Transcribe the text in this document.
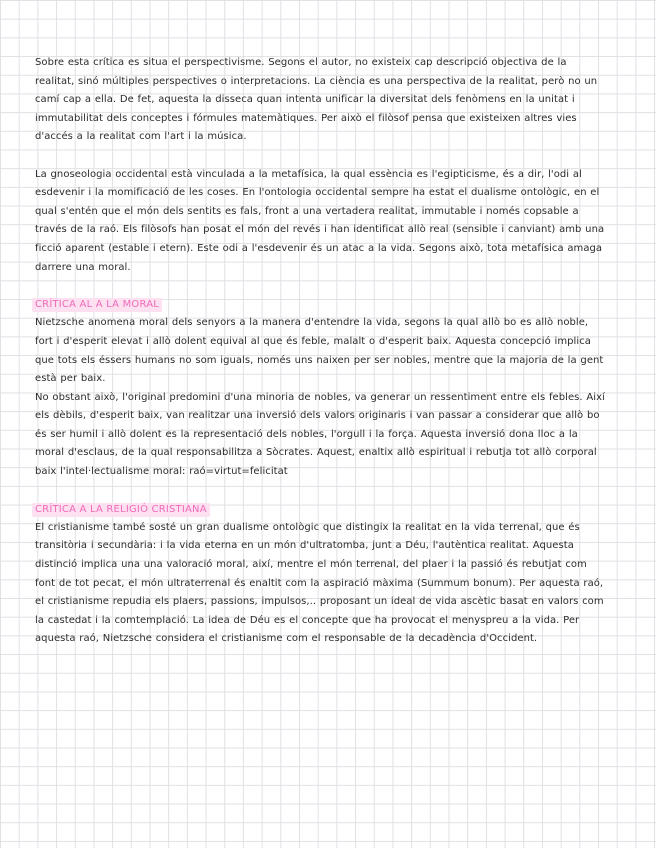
Sobre esta crítica es situa el perspectivisme. Segons el autor, no existeix cap descripció objectiva de la realitat, sinó múltiples perspectives o interpretacions. La ciència es una perspectiva de la realitat, però no un camí cap a ella. De fet, aquesta la disseca quan intenta unificar la diversitat dels fenòmens en la unitat i immutabilitat dels conceptes i fórmules matemàtiques. Per això el filòsof pensa que existeixen altres vies d'accés a la realitat com l'art i la música.

La gnoseologia occidental està vinculada a la metafísica, la qual essència es l'egipticisme, és a dir, l'odi al esdevenir i la momificació de les coses. En l'ontologia occidental sempre ha estat el dualisme ontològic, en el qual s'entén que el món dels sentits es fals, front a una vertadera realitat, immutable i només copsable a través de la raó. Els filòsofs han posat el món del revés i han identificat allò real (sensible i canviant) amb una ficció aparent (estable i etern). Este odi a l'esdevenir és un atac a la vida. Segons això, tota metafísica amaga darrere una moral.

CRÍTICA AL A LA MORAL

Nietzsche anomena moral dels senyors a la manera d'entendre la vida, segons la qual allò bo es allò noble, fort i d'esperit elevat i allò dolent equival al que és feble, malalt o d'esperit baix. Aquesta concepció implica que tots els éssers humans no som iguals, només uns naixen per ser nobles, mentre que la majoria de la gent està per baix.

No obstant això, l'original predomini d'una minoria de nobles, va generar un ressentiment entre els febles. Així els dèbils, d'esperit baix, van realitzar una inversió dels valors originaris i van passar a considerar que allò bo és ser humil i allò dolent es la representació dels nobles, l'orgull i la força. Aquesta inversió dona lloc a la moral d'esclaus, de la qual responsabilitza a Sòcrates. Aquest, enaltix allò espiritual i rebutja tot allò corporal baix l'intel·lectualisme moral: raó=virtut=felicitat

CRÍTICA A LA RELIGIÓ CRISTIANA

El cristianisme també sosté un gran dualisme ontològic que distingix la realitat en la vida terrenal, que és transitòria i secundària: i la vida eterna en un món d'ultratomba, junt a Déu, l'autèntica realitat. Aquesta distinció implica una una valoració moral, així, mentre el món terrenal, del plaer i la passió és rebutjat com font de tot pecat, el món ultraterrenal és enaltit com la aspiració màxima (Summum bonum). Per aquesta raó, el cristianisme repudia els plaers, passions, impulsos,.. proposant un ideal de vida ascètic basat en valors com la castedat i la comtemplació. La idea de Déu es el concepte que ha provocat el menyspreu a la vida. Per aquesta raó, Nietzsche considera el cristianisme com el responsable de la decadència d'Occident.
